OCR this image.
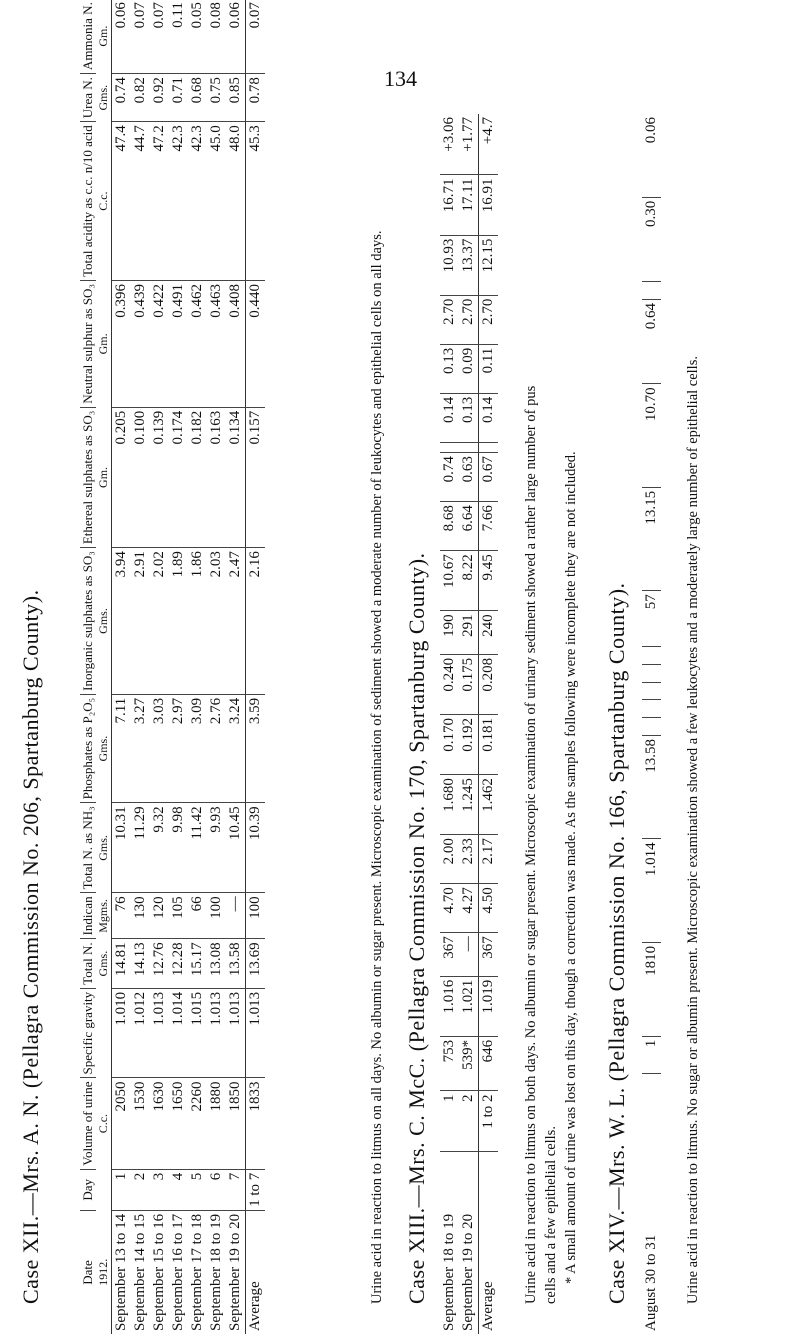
134
Case XII.—Mrs. A. N. (Pellagra Commission No. 206, Spartanburg County).	Date	Day	Volume of urine	Specific gravity	Total N.	Indican	Total N. as NH₃	Phosphates as P₂O₅	Inorganic sulphates as SO₃	Ethereal sulphates as SO₃	Neutral sulphur as SO₃	Total acidity as c.c. n/10 acid	Urea N.	Ammonia N.						
1912.		C.c.		Gms.	Mgms.	Gms.	Gms.	Gms.	Gm.	Gm.	C.c.	Gms.	Gm.						
September 13 to 14	1	2050	1.010	14.81	76	10.31	7.11	3.94	0.205	0.396	47.4	0.74	0.06						
September 14 to 15	2	1530	1.012	14.13	130	11.29	3.27	2.91	0.100	0.439	44.7	0.82	0.07						
September 15 to 16	3	1630	1.013	12.76	120	9.32	3.03	2.02	0.139	0.422	47.2	0.92	0.07						
September 16 to 17	4	1650	1.014	12.28	105	9.98	2.97	1.89	0.174	0.491	42.3	0.71	0.11						
September 17 to 18	5	2260	1.015	15.17	66	11.42	3.09	1.86	0.182	0.462	42.3	0.68	0.05						
September 18 to 19	6	1880	1.013	13.08	100	9.93	2.76	2.03	0.163	0.463	45.0	0.75	0.08						
September 19 to 20	7	1850	1.013	13.58	—	10.45	3.24	2.47	0.134	0.408	48.0	0.85	0.06						
Average	1 to 7	1833	1.013	13.69	100	10.39	3.59	2.16	0.157	0.440	45.3	0.78	0.07						
Urine acid in reaction to litmus on all days. No albumin or sugar present. Microscopic examination of sediment showed a moderate number of leukocytes and epithelial cells on all days. Case XIII.—Mrs. C. McC. (Pellagra Commission No. 170, Spartanburg County). September 18 to 19	1	753	1.016	367	4.70	2.00	1.680	0.170	0.240	190	10.67	8.68	0.74		0.14	0.13	2.70	10.93	16.71	+3.06
September 19 to 20	2	539*	1.021	—	4.27	2.33	1.245	0.192	0.175	291	8.22	6.64	0.63		0.13	0.09	2.70	13.37	17.11	+1.77
Average	1 to 2	646	1.019	367	4.50	2.17	1.462	0.181	0.208	240	9.45	7.66	0.67		0.14	0.11	2.70	12.15	16.91	+4.7
Urine acid in reaction to litmus on both days. No albumin or sugar present. Microscopic examination of urinary sediment showed a rather large number of pus cells and a few epithelial cells. * A small amount of urine was lost on this day, though a correction was made. As the samples following were incomplete they are not included. Case XIV.—Mrs. W. L. (Pellagra Commission No. 166, Spartanburg County). August 30 to 31	1	1810	1.014	13.58						57	13.15	10.70	0.64		0.30	0.06
Urine acid in reaction to litmus. No sugar or albumin present. Microscopic examination showed a few leukocytes and a moderately large number of epithelial cells.
